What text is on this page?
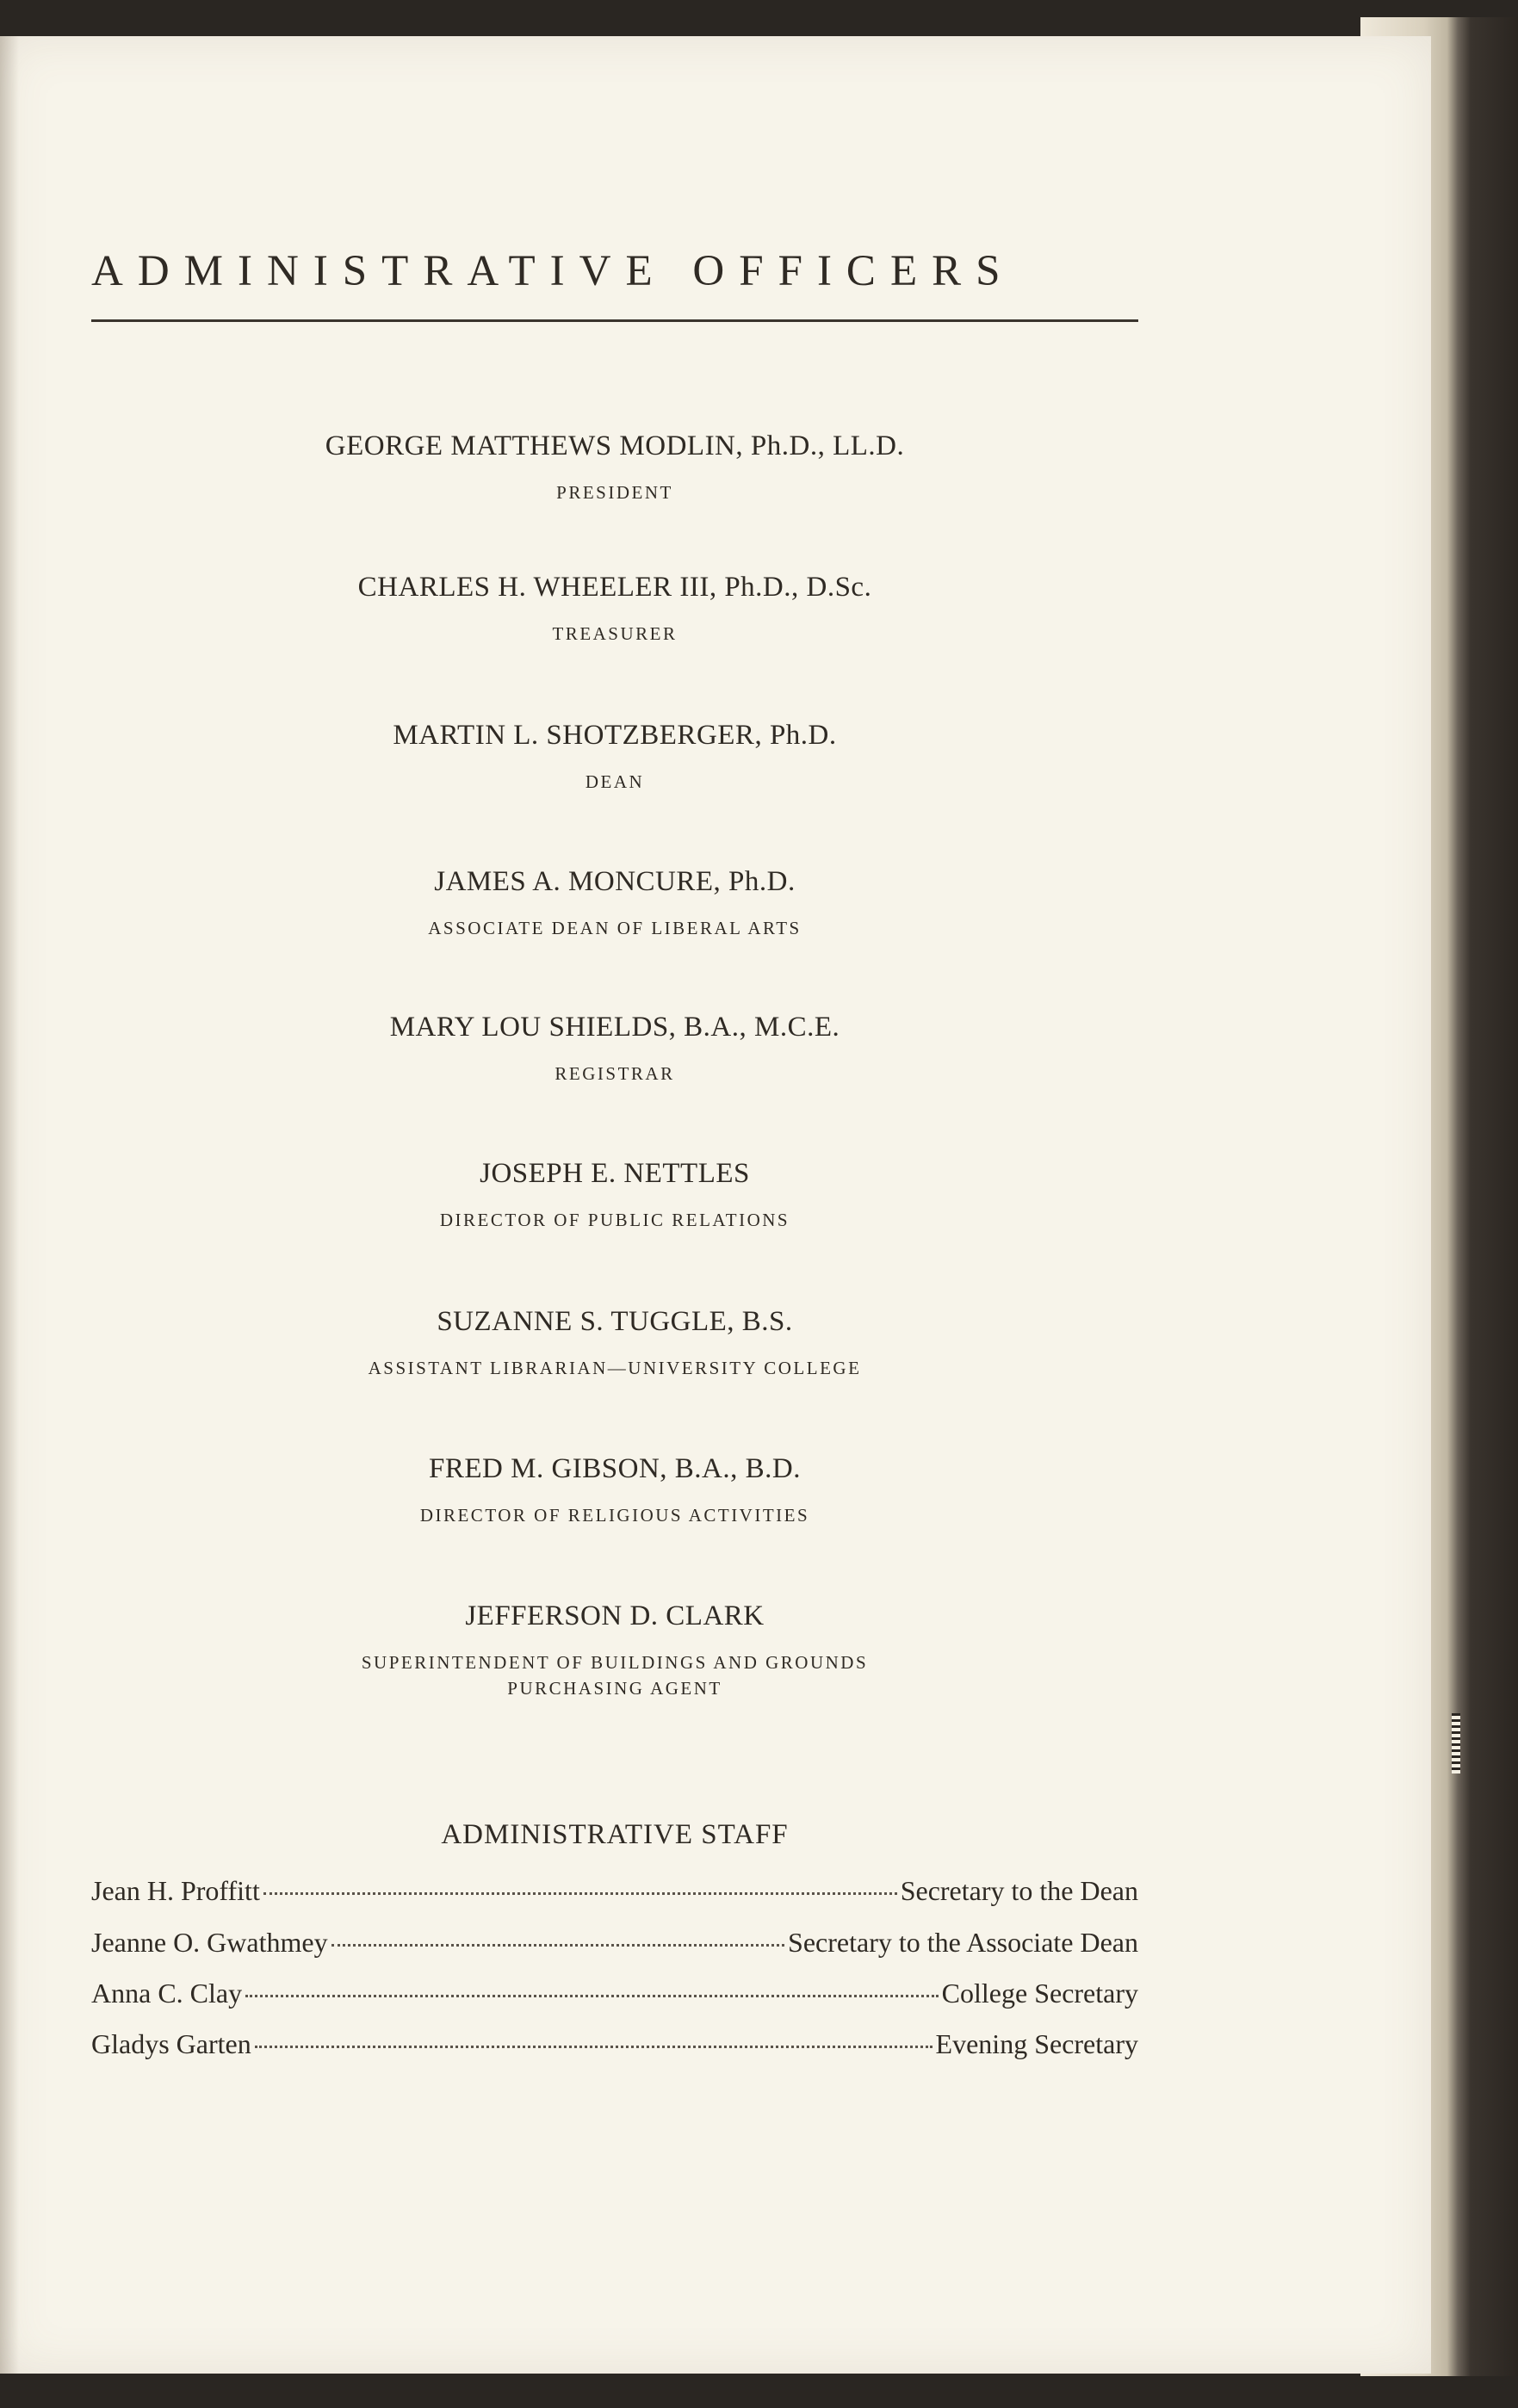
ADMINISTRATIVE OFFICERS
GEORGE MATTHEWS MODLIN, Ph.D., LL.D.
PRESIDENT
CHARLES H. WHEELER III, Ph.D., D.Sc.
TREASURER
MARTIN L. SHOTZBERGER, Ph.D.
DEAN
JAMES A. MONCURE, Ph.D.
ASSOCIATE DEAN OF LIBERAL ARTS
MARY LOU SHIELDS, B.A., M.C.E.
REGISTRAR
JOSEPH E. NETTLES
DIRECTOR OF PUBLIC RELATIONS
SUZANNE S. TUGGLE, B.S.
ASSISTANT LIBRARIAN—UNIVERSITY COLLEGE
FRED M. GIBSON, B.A., B.D.
DIRECTOR OF RELIGIOUS ACTIVITIES
JEFFERSON D. CLARK
SUPERINTENDENT OF BUILDINGS AND GROUNDS
PURCHASING AGENT
ADMINISTRATIVE STAFF
Jean H. Proffitt	Secretary to the Dean
Jeanne O. Gwathmey	Secretary to the Associate Dean
Anna C. Clay	College Secretary
Gladys Garten	Evening Secretary
